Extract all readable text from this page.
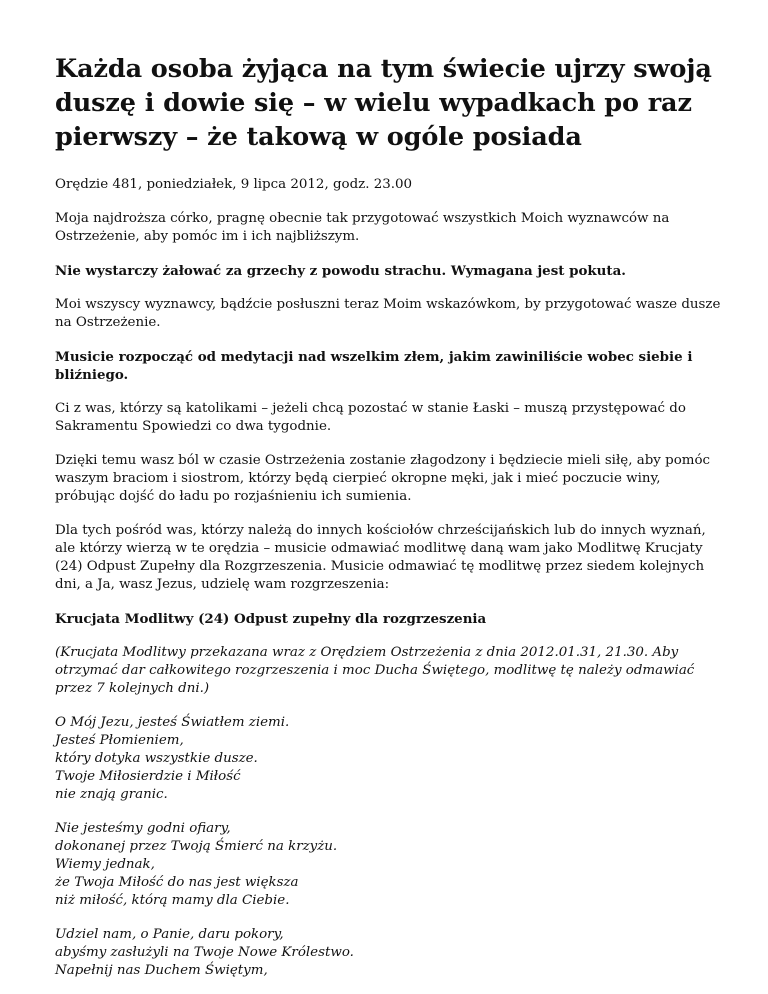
Każda osoba żyjąca na tym świecie ujrzy swoją duszę i dowie się – w wielu wypadkach po raz pierwszy – że takową w ogóle posiada
Orędzie 481, poniedziałek, 9 lipca 2012, godz. 23.00

Moja najdroższa córko, pragnę obecnie tak przygotować wszystkich Moich wyznawców na Ostrzeżenie, aby pomóc im i ich najbliższym.

Nie wystarczy żałować za grzechy z powodu strachu. Wymagana jest pokuta.

Moi wszyscy wyznawcy, bądźcie posłuszni teraz Moim wskazówkom, by przygotować wasze dusze na Ostrzeżenie.

Musicie rozpocząć od medytacji nad wszelkim złem, jakim zawiniliście wobec siebie i bliźniego.

Ci z was, którzy są katolikami – jeżeli chcą pozostać w stanie Łaski – muszą przystępować do Sakramentu Spowiedzi co dwa tygodnie.

Dzięki temu wasz ból w czasie Ostrzeżenia zostanie złagodzony i będziecie mieli siłę, aby pomóc waszym braciom i siostrom, którzy będą cierpieć okropne męki, jak i mieć poczucie winy, próbując dojść do ładu po rozjaśnieniu ich sumienia.

Dla tych pośród was, którzy należą do innych kościołów chrześcijańskich lub do innych wyznań, ale którzy wierzą w te orędzia – musicie odmawiać modlitwę daną wam jako Modlitwę Krucjaty (24) Odpust Zupełny dla Rozgrzeszenia. Musicie odmawiać tę modlitwę przez siedem kolejnych dni, a Ja, wasz Jezus, udzielę wam rozgrzeszenia:

Krucjata Modlitwy (24) Odpust zupełny dla rozgrzeszenia

(Krucjata Modlitwy przekazana wraz z Orędziem Ostrzeżenia z dnia 2012.01.31, 21.30. Aby otrzymać dar całkowitego rozgrzeszenia i moc Ducha Świętego, modlitwę tę należy odmawiać przez 7 kolejnych dni.)

O Mój Jezu, jesteś Światłem ziemi.
Jesteś Płomieniem,
który dotyka wszystkie dusze.
Twoje Miłosierdzie i Miłość
nie znają granic.

Nie jesteśmy godni ofiary,
dokonanej przez Twoją Śmierć na krzyżu.
Wiemy jednak,
że Twoja Miłość do nas jest większa
niż miłość, którą mamy dla Ciebie.

Udziel nam, o Panie, daru pokory,
abyśmy zasłużyli na Twoje Nowe Królestwo.
Napełnij nas Duchem Świętym,
